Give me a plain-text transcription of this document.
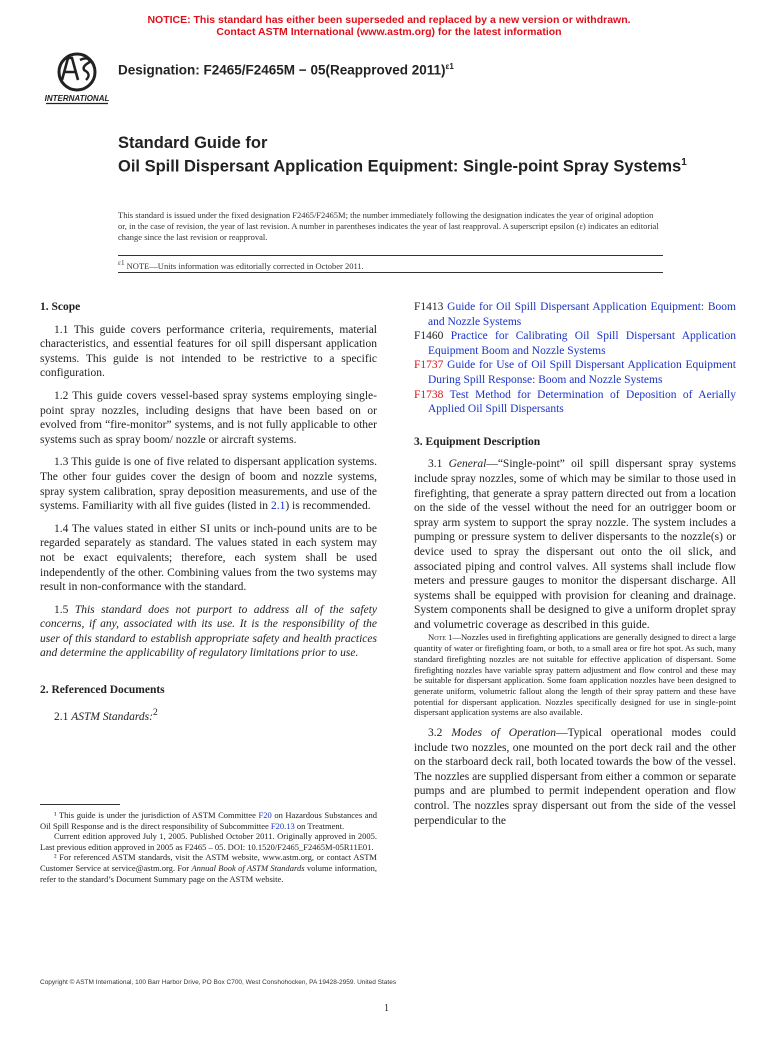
NOTICE: This standard has either been superseded and replaced by a new version or withdrawn.
Contact ASTM International (www.astm.org) for the latest information
INTERNATIONAL
Designation: F2465/F2465M − 05(Reapproved 2011)$^{\varepsilon 1}$
Standard Guide for
Oil Spill Dispersant Application Equipment: Single-point Spray Systems$^1$
This standard is issued under the fixed designation F2465/F2465M; the number immediately following the designation indicates the year of original adoption or, in the case of revision, the year of last revision. A number in parentheses indicates the year of last reapproval. A superscript epsilon (ε) indicates an editorial change since the last revision or reapproval.
$^{\varepsilon 1}$ NOTE—Units information was editorially corrected in October 2011.
1. Scope

1.1 This guide covers performance criteria, requirements, material characteristics, and essential features for oil spill dispersant application systems. This guide is not intended to be restrictive to a specific configuration.

1.2 This guide covers vessel-based spray systems employing single-point spray nozzles, including designs that have been based on or evolved from “fire-monitor” systems, and is not fully applicable to other systems such as spray boom/ nozzle or aircraft systems.

1.3 This guide is one of five related to dispersant application systems. The other four guides cover the design of boom and nozzle systems, spray system calibration, spray deposition measurements, and use of the systems. Familiarity with all five guides (listed in 2.1) is recommended.

1.4 The values stated in either SI units or inch-pound units are to be regarded separately as standard. The values stated in each system may not be exact equivalents; therefore, each system shall be used independently of the other. Combining values from the two systems may result in non-conformance with the standard.

1.5 This standard does not purport to address all of the safety concerns, if any, associated with its use. It is the responsibility of the user of this standard to establish appropriate safety and health practices and determine the applicability of regulatory limitations prior to use.

2. Referenced Documents

2.1 ASTM Standards:$^2$

¹ This guide is under the jurisdiction of ASTM Committee F20 on Hazardous Substances and Oil Spill Response and is the direct responsibility of Subcommittee F20.13 on Treatment.

Current edition approved July 1, 2005. Published October 2011. Originally approved in 2005. Last previous edition approved in 2005 as F2465 – 05. DOI: 10.1520/F2465_F2465M-05R11E01.

² For referenced ASTM standards, visit the ASTM website, www.astm.org, or contact ASTM Customer Service at service@astm.org. For Annual Book of ASTM Standards volume information, refer to the standard’s Document Summary page on the ASTM website.

F1413 Guide for Oil Spill Dispersant Application Equipment: Boom and Nozzle Systems

F1460 Practice for Calibrating Oil Spill Dispersant Application Equipment Boom and Nozzle Systems

F1737 Guide for Use of Oil Spill Dispersant Application Equipment During Spill Response: Boom and Nozzle Systems

F1738 Test Method for Determination of Deposition of Aerially Applied Oil Spill Dispersants

3. Equipment Description

3.1 General—“Single-point” oil spill dispersant spray systems include spray nozzles, some of which may be similar to those used in firefighting, that generate a spray pattern directed out from a location on the side of the vessel without the need for an outrigger boom or spray arm system to support the spray nozzle. The system includes a pumping or pressure system to deliver dispersants to the nozzle(s) or device used to spray the dispersant out onto the oil slick, and associated piping and control valves. All systems shall include flow meters and pressure gauges to monitor the dispersant discharge. All systems shall be equipped with provision for cleaning and drainage. System components shall be designed to give a uniform droplet spray and volumetric coverage as described in this guide.

Note 1—Nozzles used in firefighting applications are generally designed to direct a large quantity of water or firefighting foam, or both, to a small area or fire hot spot. As such, many standard firefighting nozzles are not suitable for effective application of dispersant. Some firefighting nozzles have variable spray pattern adjustment and flow control and these may be suitable for dispersant application. Some foam application nozzles have been designed to generate uniform, volumetric fallout along the length of their spray pattern and these have potential for dispersant application. Nozzles specifically designed for use in single-point dispersant application systems are also available.

3.2 Modes of Operation—Typical operational modes could include two nozzles, one mounted on the port deck rail and the other on the starboard deck rail, both located towards the bow of the vessel. The nozzles are supplied dispersant from either a common or separate pumps and are plumbed to permit independent operation and flow control. The nozzles spray dispersant out from the side of the vessel perpendicular to the

Copyright © ASTM International, 100 Barr Harbor Drive, PO Box C700, West Conshohocken, PA 19428-2959. United States
1
